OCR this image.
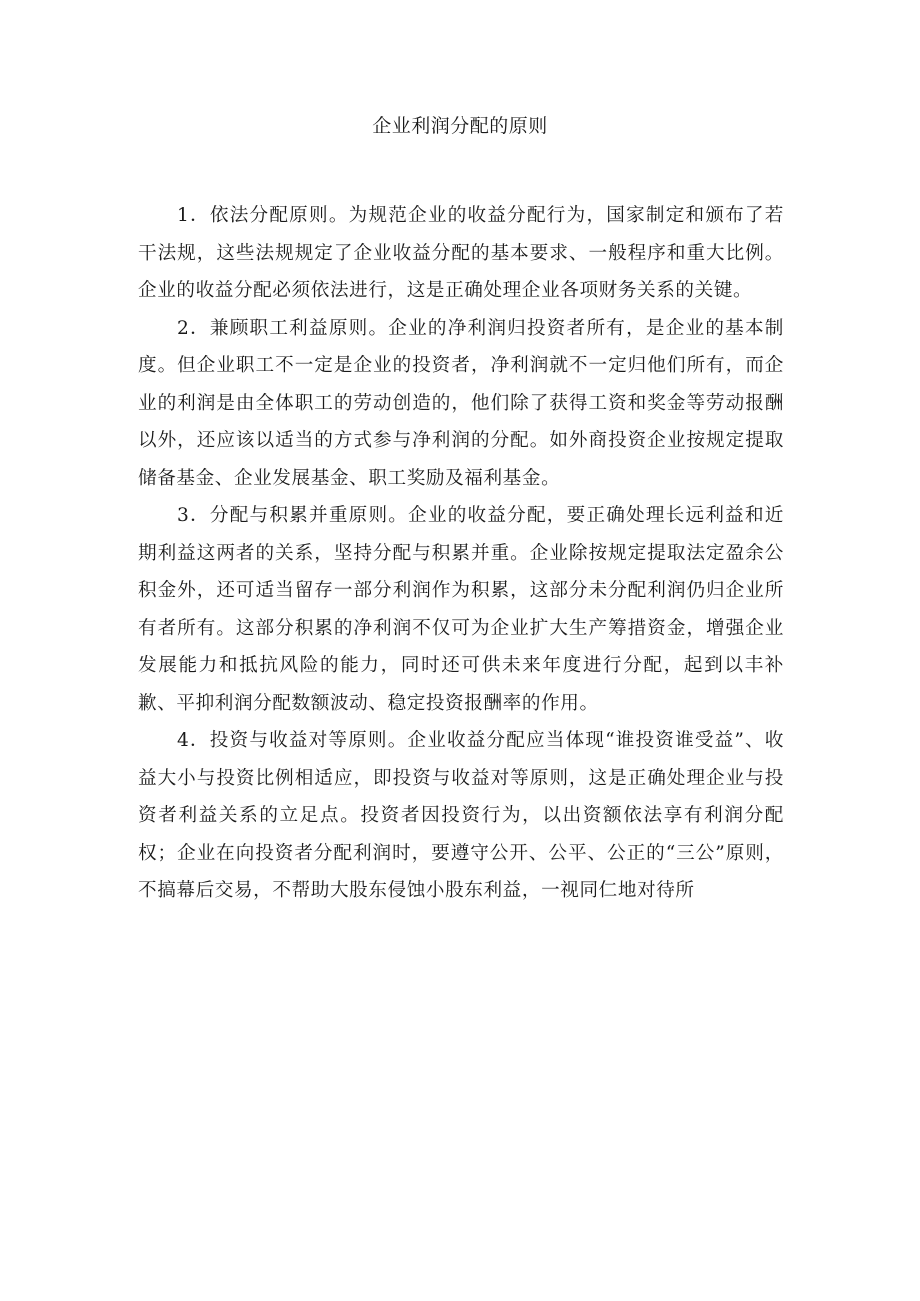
企业利润分配的原则

1．依法分配原则。为规范企业的收益分配行为，国家制定和颁布了若干法规，这些法规规定了企业收益分配的基本要求、一般程序和重大比例。企业的收益分配必须依法进行，这是正确处理企业各项财务关系的关键。

2．兼顾职工利益原则。企业的净利润归投资者所有，是企业的基本制度。但企业职工不一定是企业的投资者，净利润就不一定归他们所有，而企业的利润是由全体职工的劳动创造的，他们除了获得工资和奖金等劳动报酬以外，还应该以适当的方式参与净利润的分配。如外商投资企业按规定提取储备基金、企业发展基金、职工奖励及福利基金。

3．分配与积累并重原则。企业的收益分配，要正确处理长远利益和近期利益这两者的关系，坚持分配与积累并重。企业除按规定提取法定盈余公积金外，还可适当留存一部分利润作为积累，这部分未分配利润仍归企业所有者所有。这部分积累的净利润不仅可为企业扩大生产筹措资金，增强企业发展能力和抵抗风险的能力，同时还可供未来年度进行分配，起到以丰补歉、平抑利润分配数额波动、稳定投资报酬率的作用。

4．投资与收益对等原则。企业收益分配应当体现“谁投资谁受益”、收益大小与投资比例相适应，即投资与收益对等原则，这是正确处理企业与投资者利益关系的立足点。投资者因投资行为，以出资额依法享有利润分配权；企业在向投资者分配利润时，要遵守公开、公平、公正的“三公”原则，不搞幕后交易，不帮助大股东侵蚀小股东利益，一视同仁地对待所
